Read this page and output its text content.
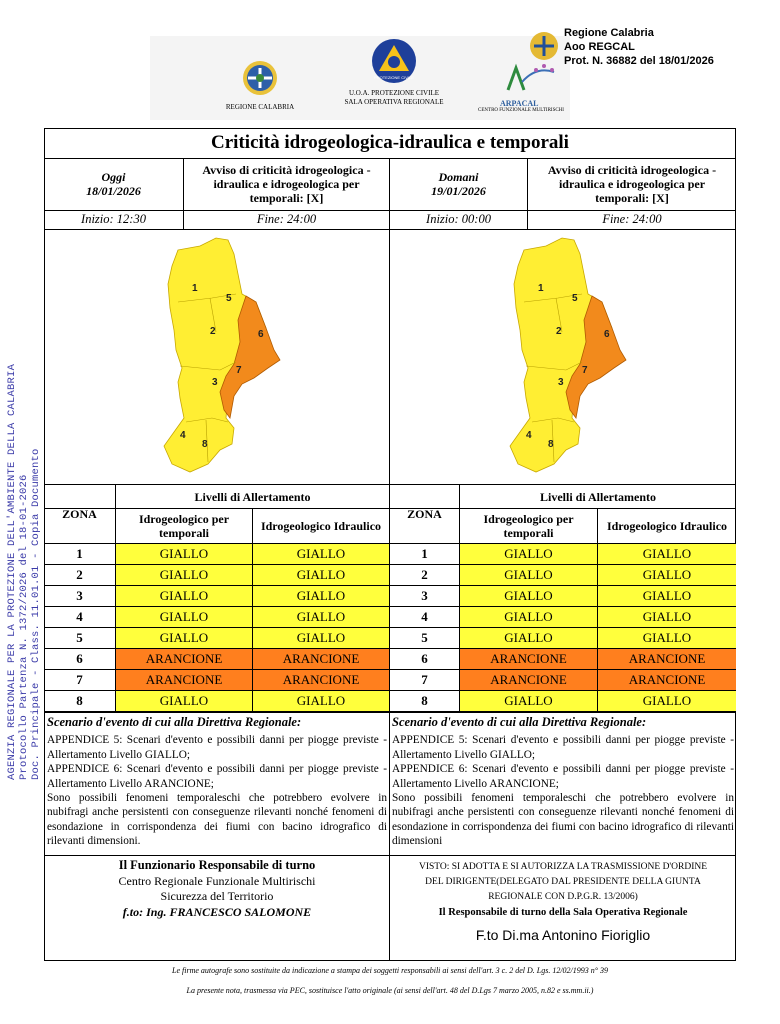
REGIONE CALABRIA
PROTEZIONE CIVILE
U.O.A. PROTEZIONE CIVILE
SALA OPERATIVA REGIONALE	ARPACAL
CENTRO FUNZIONALE MULTIRISCHI
Regione Calabria
Aoo REGCAL
Prot. N. 36882 del 18/01/2026
AGENZIA REGIONALE PER LA PROTEZIONE DELL'AMBIENTE DELLA CALABRIA Protocollo Partenza N. 1372/2026 del 18-01-2026 Doc. Principale - Class. 11.01.01 - Copia Documento
Criticità idrogeologica-idraulica e temporali
Oggi
18/01/2026
Avviso di criticità idrogeologica - idraulica e idrogeologica per temporali: [X]
Inizio: 12:30	Fine: 24:00
Domani
19/01/2026
Avviso di criticità idrogeologica - idraulica e idrogeologica per temporali: [X]
Inizio: 00:00	Fine: 24:00
1
2
3
4
5
6
7
8
1
2
3
4
5
6
7
8
ZONA
Livelli di Allertamento
Idrogeologico per temporali	Idrogeologico Idraulico
1	GIALLO	GIALLO
2	GIALLO	GIALLO
3	GIALLO	GIALLO
4	GIALLO	GIALLO
5	GIALLO	GIALLO
6	ARANCIONE	ARANCIONE
7	ARANCIONE	ARANCIONE
8	GIALLO	GIALLO
ZONA
Livelli di Allertamento
Idrogeologico per temporali	Idrogeologico Idraulico
1	GIALLO	GIALLO
2	GIALLO	GIALLO
3	GIALLO	GIALLO
4	GIALLO	GIALLO
5	GIALLO	GIALLO
6	ARANCIONE	ARANCIONE
7	ARANCIONE	ARANCIONE
8	GIALLO	GIALLO
Scenario d'evento di cui alla Direttiva Regionale:
APPENDICE 5: Scenari d'evento e possibili danni per piogge previste - Allertamento Livello GIALLO;
APPENDICE 6: Scenari d'evento e possibili danni per piogge previste - Allertamento Livello ARANCIONE;
Sono possibili fenomeni temporaleschi che potrebbero evolvere in nubifragi anche persistenti con conseguenze rilevanti nonché fenomeni di esondazione in corrispondenza dei fiumi con bacino idrografico di rilevanti dimensioni.
Scenario d'evento di cui alla Direttiva Regionale:
APPENDICE 5: Scenari d'evento e possibili danni per piogge previste - Allertamento Livello GIALLO;
APPENDICE 6: Scenari d'evento e possibili danni per piogge previste - Allertamento Livello ARANCIONE;
Sono possibili fenomeni temporaleschi che potrebbero evolvere in nubifragi anche persistenti con conseguenze rilevanti nonché fenomeni di esondazione in corrispondenza dei fiumi con bacino idrografico di rilevanti dimensioni
Il Funzionario Responsabile di turno
Centro Regionale Funzionale Multirischi
Sicurezza del Territorio
f.to: Ing. FRANCESCO SALOMONE
VISTO: SI ADOTTA E SI AUTORIZZA LA TRASMISSIONE D'ORDINE
DEL DIRIGENTE(DELEGATO DAL PRESIDENTE DELLA GIUNTA
REGIONALE CON D.P.G.R. 13/2006)
Il Responsabile di turno della Sala Operativa Regionale
F.to Di.ma Antonino Fioriglio
Le firme autografe sono sostituite da indicazione a stampa dei soggetti responsabili ai sensi dell'art. 3 c. 2 del D. Lgs. 12/02/1993 n° 39
La presente nota, trasmessa via PEC, sostituisce l'atto originale (ai sensi dell'art. 48 del D.Lgs 7 marzo 2005, n.82 e ss.mm.ii.)
